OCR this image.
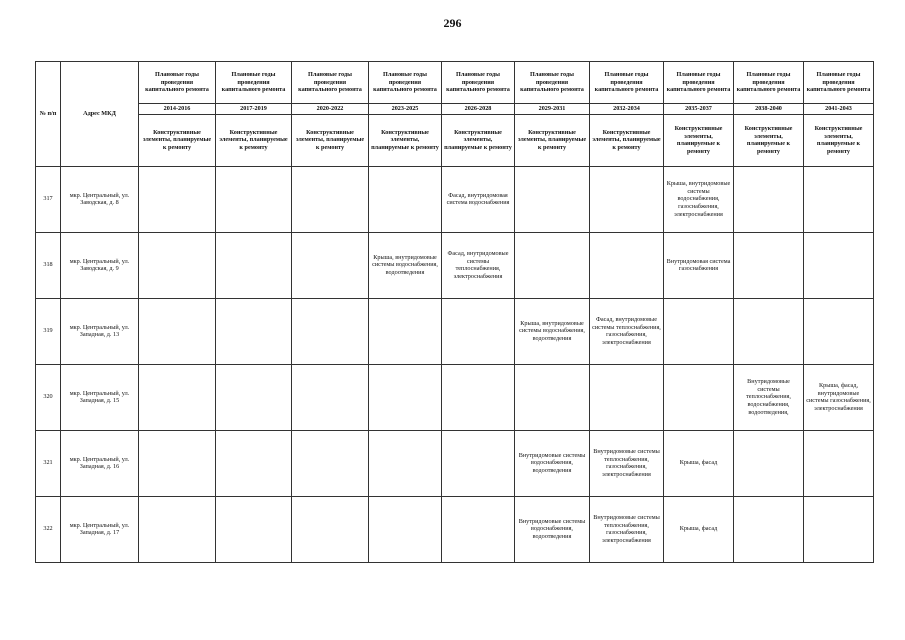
296
№ п/п	Адрес МКД	Плановые годы проведения капитального ремонта	Плановые годы проведения капитального ремонта	Плановые годы проведения капитального ремонта	Плановые годы проведения капитального ремонта	Плановые годы проведения капитального ремонта	Плановые годы проведения капитального ремонта	Плановые годы проведения капитального ремонта	Плановые годы проведения капитального ремонта	Плановые годы проведения капитального ремонта	Плановые годы проведения капитального ремонта
		2014-2016	2017-2019	2020-2022	2023-2025	2026-2028	2029-2031	2032-2034	2035-2037	2038-2040	2041-2043
		Конструктивные элементы, планируемые к ремонту	Конструктивные элементы, планируемые к ремонту	Конструктивные элементы, планируемые к ремонту	Конструктивные элементы, планируемые к ремонту	Конструктивные элементы, планируемые к ремонту	Конструктивные элементы, планируемые к ремонту	Конструктивные элементы, планируемые к ремонту	Конструктивные элементы, планируемые к ремонту	Конструктивные элементы, планируемые к ремонту	Конструктивные элементы, планируемые к ремонту
317	мкр. Центральный, ул. Заводская, д. 8					Фасад, внутридомовая система водоснабжения			Крыша, внутридомовые системы водоснабжения, газоснабжения, электроснабжения		
318	мкр. Центральный, ул. Заводская, д. 9				Крыша, внутридомовые системы водоснабжения, водоотведения	Фасад, внутридомовые системы теплоснабжения, электроснабжения			Внутридомовая система газоснабжения		
319	мкр. Центральный, ул. Западная, д. 13						Крыша, внутридомовые системы водоснабжения, водоотведения	Фасад, внутридомовые системы теплоснабжения, газоснабжения, электроснабжения			
320	мкр. Центральный, ул. Западная, д. 15									Внутридомовые системы теплоснабжения, водоснабжения, водоотведения,	Крыша, фасад, внутридомовые системы газоснабжения, электроснабжения
321	мкр. Центральный, ул. Западная, д. 16						Внутридомовые системы водоснабжения, водоотведения	Внутридомовые системы теплоснабжения, газоснабжения, электроснабжения	Крыша, фасад		
322	мкр. Центральный, ул. Западная, д. 17						Внутридомовые системы водоснабжения, водоотведения	Внутридомовые системы теплоснабжения, газоснабжения, электроснабжения	Крыша, фасад		
